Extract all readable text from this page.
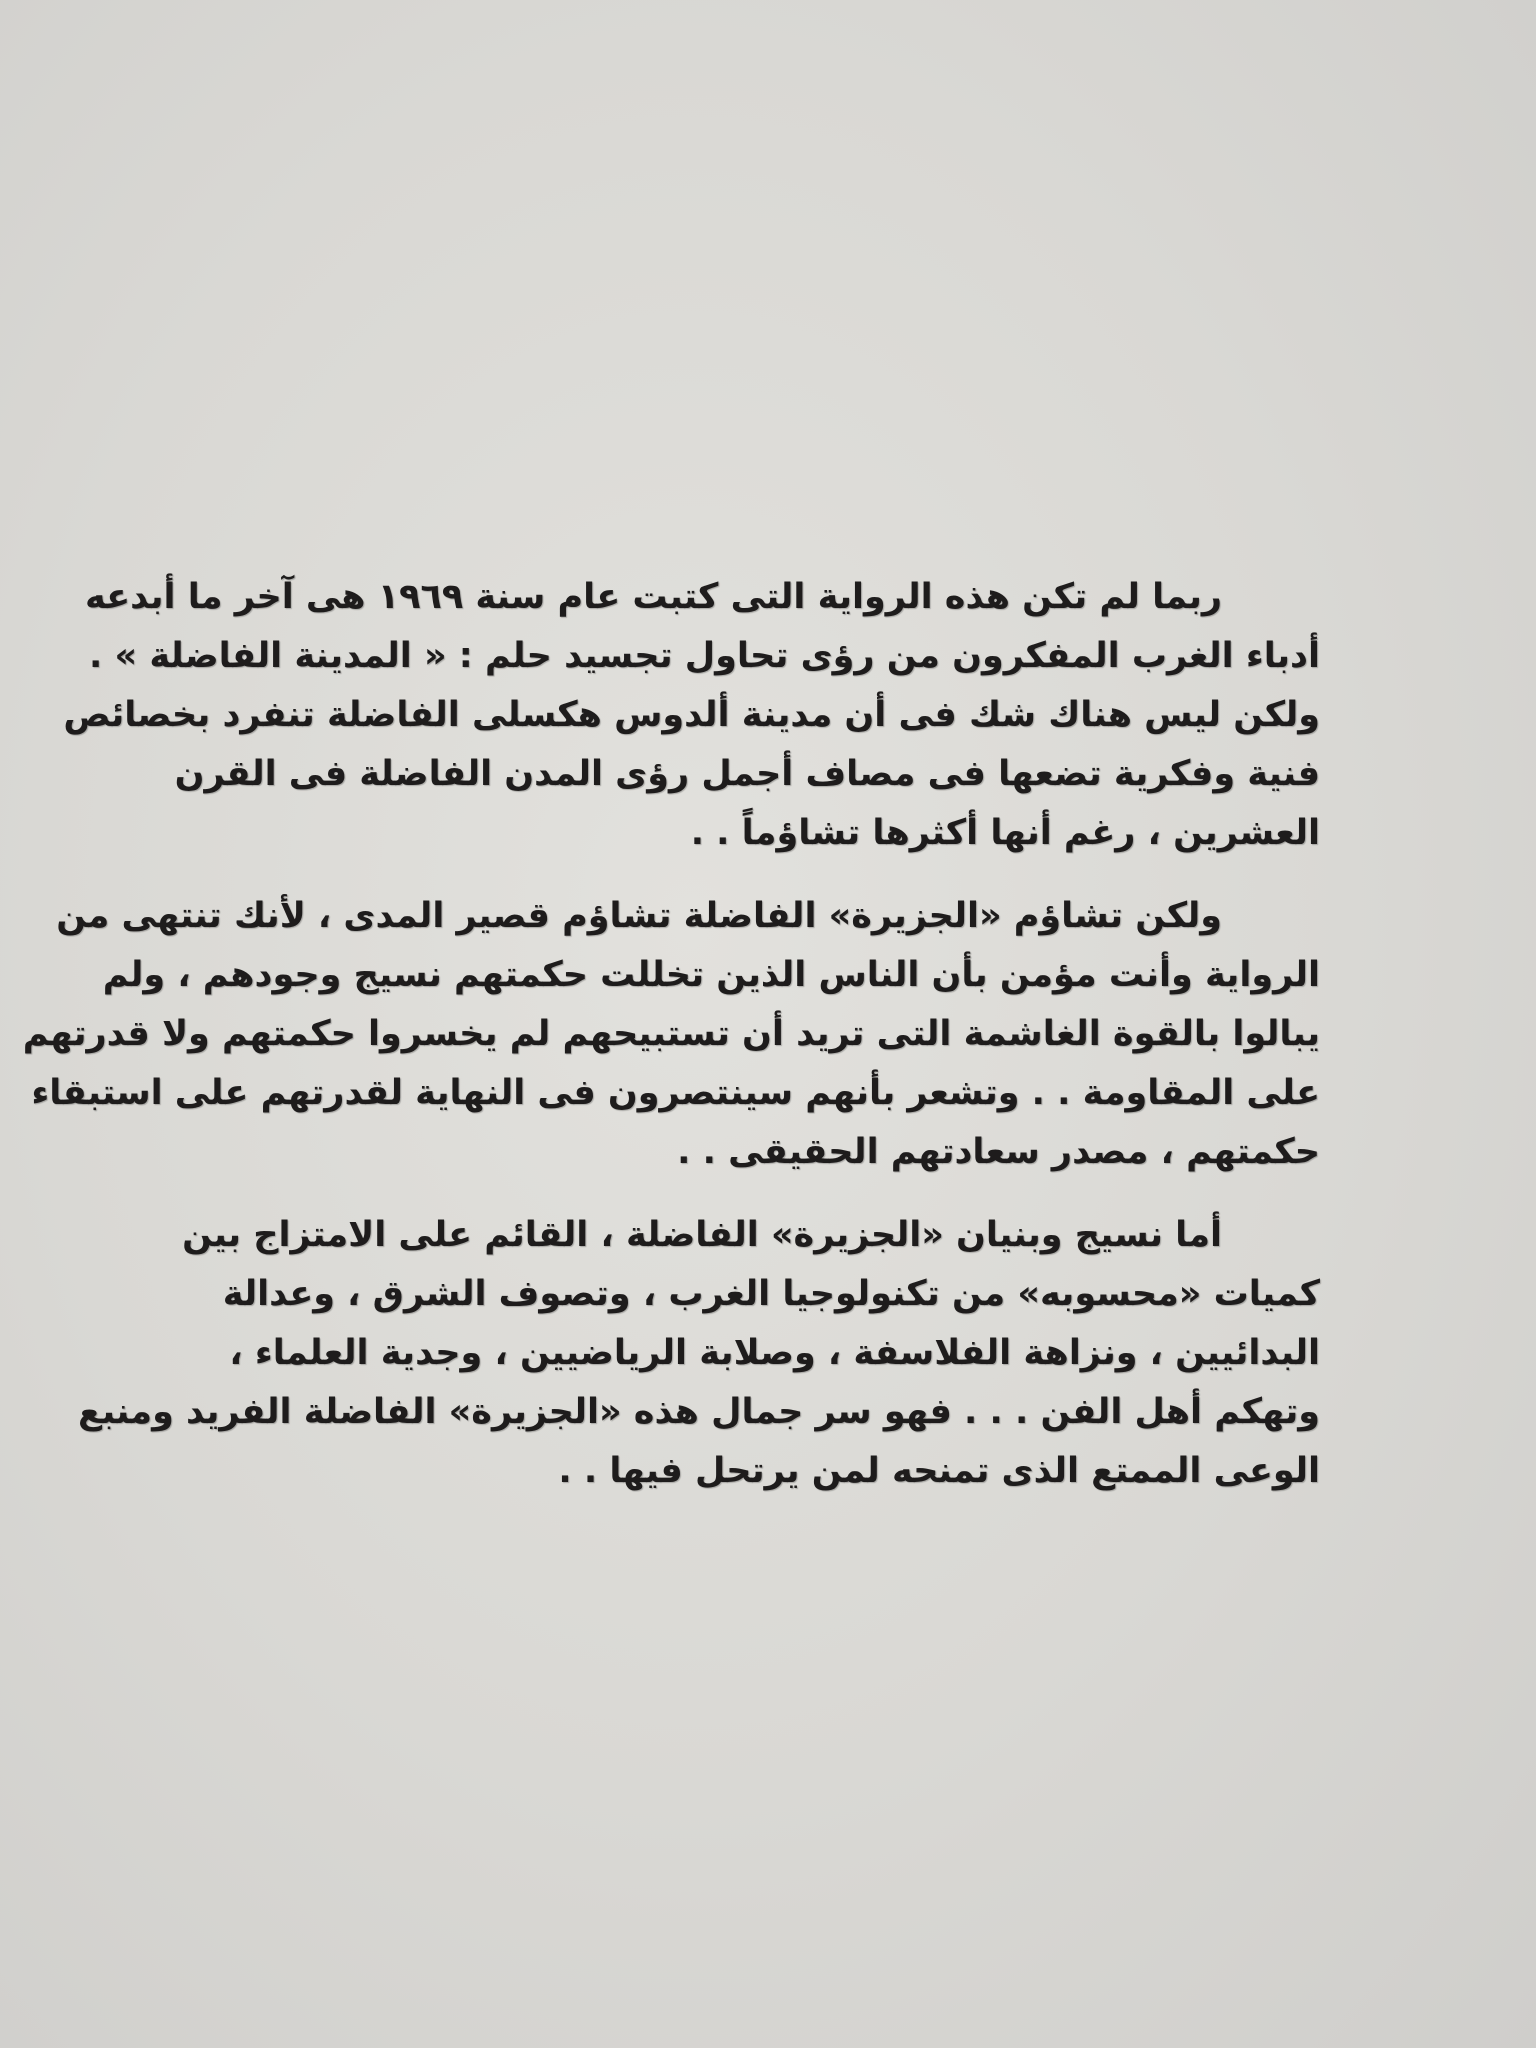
ربما لم تكن هذه الرواية التى كتبت عام سنة ١٩٦٩ هى آخر ما أبدعه
أدباء الغرب المفكرون من رؤى تحاول تجسيد حلم : « المدينة الفاضلة » .
ولكن ليس هناك شك فى أن مدينة ألدوس هكسلى الفاضلة تنفرد بخصائص
فنية وفكرية تضعها فى مصاف أجمل رؤى المدن الفاضلة فى القرن
العشرين ، رغم أنها أكثرها تشاؤماً . .
ولكن تشاؤم «الجزيرة» الفاضلة تشاؤم قصير المدى ، لأنك تنتهى من
الرواية وأنت مؤمن بأن الناس الذين تخللت حكمتهم نسيج وجودهم ، ولم
يبالوا بالقوة الغاشمة التى تريد أن تستبيحهم لم يخسروا حكمتهم ولا قدرتهم
على المقاومة . . وتشعر بأنهم سينتصرون فى النهاية لقدرتهم على استبقاء
حكمتهم ، مصدر سعادتهم الحقيقى . .
أما نسيج وبنيان «الجزيرة» الفاضلة ، القائم على الامتزاج بين
كميات «محسوبه» من تكنولوجيا الغرب ، وتصوف الشرق ، وعدالة
البدائيين ، ونزاهة الفلاسفة ، وصلابة الرياضيين ، وجدية العلماء ،
وتهكم أهل الفن . . . فهو سر جمال هذه «الجزيرة» الفاضلة الفريد ومنبع
الوعى الممتع الذى تمنحه لمن يرتحل فيها . .
